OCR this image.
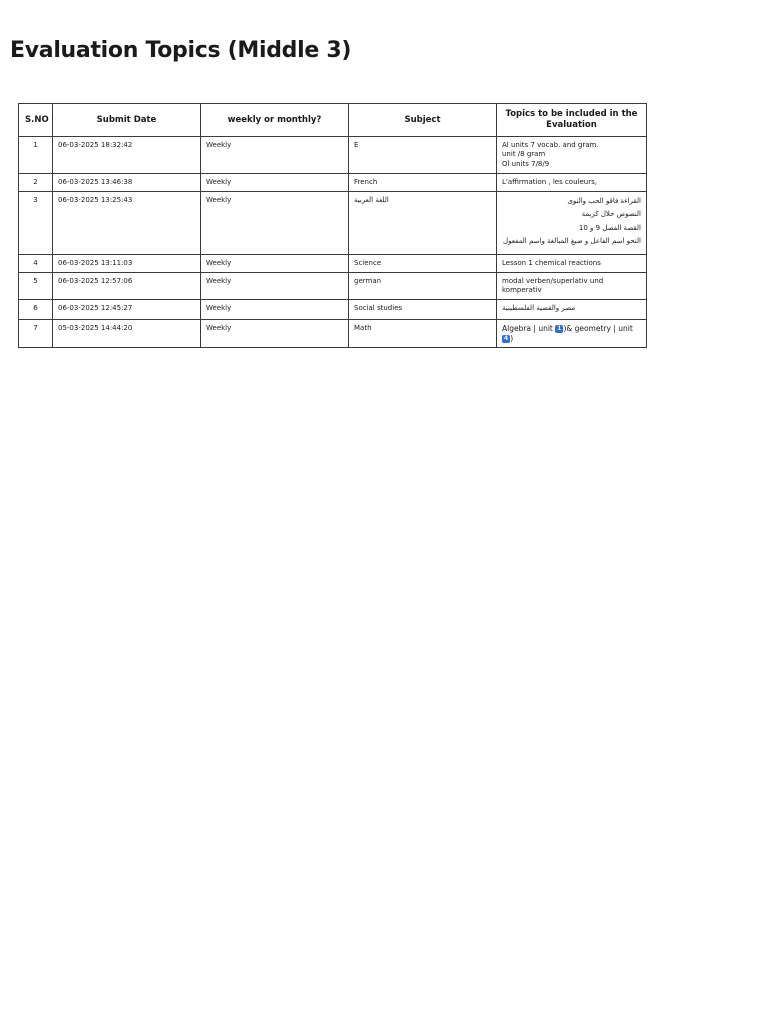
Evaluation Topics (Middle 3)
S.NO	Submit Date	weekly or monthly?	Subject	Topics to be included in the Evaluation
1	06-03-2025 18:32:42	Weekly	E	Al units 7 vocab. and gram.
unit /8 gram
Ol units 7/8/9

2	06-03-2025 13:46:38	Weekly	French	L'affirmation , les couleurs,

3	06-03-2025 13:25:43	Weekly	اللغة العربية	القراءة فاقو الحب والنوى
النصوص خلال كربمة
القصة الفصل 9 و 10
النحو اسم الفاعل و صيغ المبالغة واسم المفعول

4	06-03-2025 13:11:03	Weekly	Science	Lesson 1 chemical reactions

5	06-03-2025 12:57:06	Weekly	german	modal verben/superlativ und komperativ

6	06-03-2025 12:45:27	Weekly	Social studies	مصر والقضية الفلسطينية

7	05-03-2025 14:44:20	Weekly	Math	Algebra | unit 1 )& geometry | unit 4 )
